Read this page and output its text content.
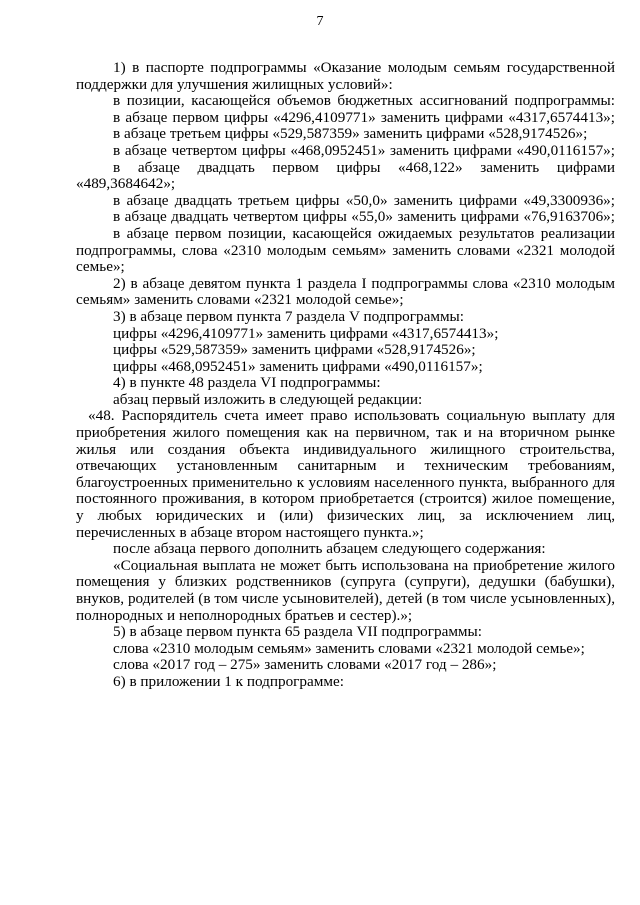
7

1) в паспорте подпрограммы «Оказание молодым семьям государственной поддержки для улучшения жилищных условий»:

в позиции, касающейся объемов бюджетных ассигнований подпрограммы:

в абзаце первом цифры «4296,4109771» заменить цифрами «4317,6574413»;

в абзаце третьем цифры «529,587359» заменить цифрами «528,9174526»;

в абзаце четвертом цифры «468,0952451» заменить цифрами «490,0116157»;

в абзаце двадцать первом цифры «468,122» заменить цифрами «489,3684642»;

в абзаце двадцать третьем цифры «50,0» заменить цифрами «49,3300936»;

в абзаце двадцать четвертом цифры «55,0» заменить цифрами «76,9163706»;

в абзаце первом позиции, касающейся ожидаемых результатов реализации подпрограммы, слова «2310 молодым семьям» заменить словами «2321 молодой семье»;

2) в абзаце девятом пункта 1 раздела I подпрограммы слова «2310 молодым семьям» заменить словами «2321 молодой семье»;

3) в абзаце первом пункта 7 раздела V подпрограммы:

цифры «4296,4109771» заменить цифрами «4317,6574413»;

цифры «529,587359» заменить цифрами «528,9174526»;

цифры «468,0952451» заменить цифрами «490,0116157»;

4) в пункте 48 раздела VI подпрограммы:

абзац первый изложить в следующей редакции:

«48. Распорядитель счета имеет право использовать социальную выплату для приобретения жилого помещения как на первичном, так и на вторичном рынке жилья или создания объекта индивидуального жилищного строительства, отвечающих установленным санитарным и техническим требованиям, благоустроенных применительно к условиям населенного пункта, выбранного для постоянного проживания, в котором приобретается (строится) жилое помещение, у любых юридических и (или) физических лиц, за исключением лиц, перечисленных в абзаце втором настоящего пункта.»;

после абзаца первого дополнить абзацем следующего содержания:

«Социальная выплата не может быть использована на приобретение жилого помещения у близких родственников (супруга (супруги), дедушки (бабушки), внуков, родителей (в том числе усыновителей), детей (в том числе усыновленных), полнородных и неполнородных братьев и сестер).»;

5) в абзаце первом пункта 65 раздела VII подпрограммы:

слова «2310 молодым семьям» заменить словами «2321 молодой семье»;

слова «2017 год – 275» заменить словами «2017 год – 286»;

6) в приложении 1 к подпрограмме:
